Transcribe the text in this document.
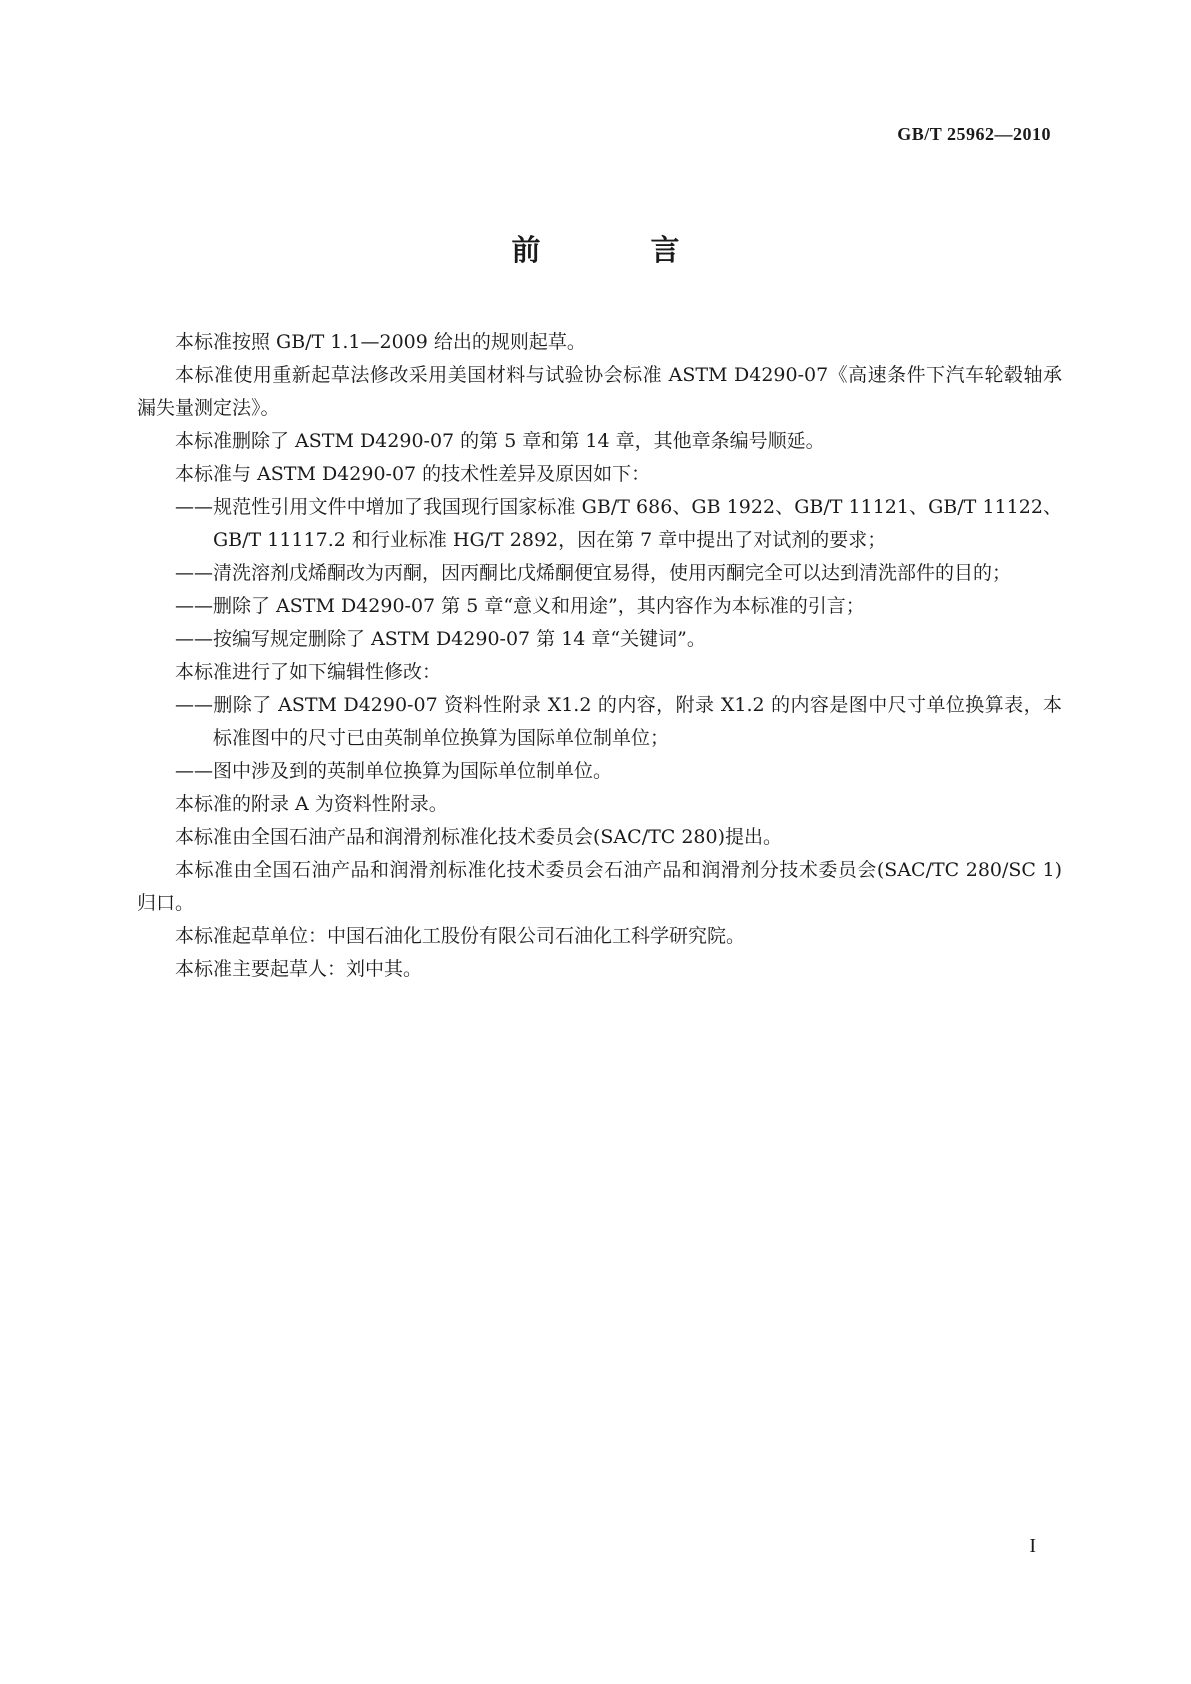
GB/T 25962—2010
前 言

本标准按照 GB/T 1.1—2009 给出的规则起草。

本标准使用重新起草法修改采用美国材料与试验协会标准 ASTM D4290-07《高速条件下汽车轮毂轴承漏失量测定法》。

本标准删除了 ASTM D4290-07 的第 5 章和第 14 章，其他章条编号顺延。

本标准与 ASTM D4290-07 的技术性差异及原因如下：

——规范性引用文件中增加了我国现行国家标准 GB/T 686、GB 1922、GB/T 11121、GB/T 11122、GB/T 11117.2 和行业标准 HG/T 2892，因在第 7 章中提出了对试剂的要求；

——清洗溶剂戊烯酮改为丙酮，因丙酮比戊烯酮便宜易得，使用丙酮完全可以达到清洗部件的目的；

——删除了 ASTM D4290-07 第 5 章“意义和用途”，其内容作为本标准的引言；

——按编写规定删除了 ASTM D4290-07 第 14 章“关键词”。

本标准进行了如下编辑性修改：

——删除了 ASTM D4290-07 资料性附录 X1.2 的内容，附录 X1.2 的内容是图中尺寸单位换算表，本标准图中的尺寸已由英制单位换算为国际单位制单位；

——图中涉及到的英制单位换算为国际单位制单位。

本标准的附录 A 为资料性附录。

本标准由全国石油产品和润滑剂标准化技术委员会(SAC/TC 280)提出。

本标准由全国石油产品和润滑剂标准化技术委员会石油产品和润滑剂分技术委员会(SAC/TC 280/SC 1)归口。

本标准起草单位：中国石油化工股份有限公司石油化工科学研究院。

本标准主要起草人：刘中其。

I
